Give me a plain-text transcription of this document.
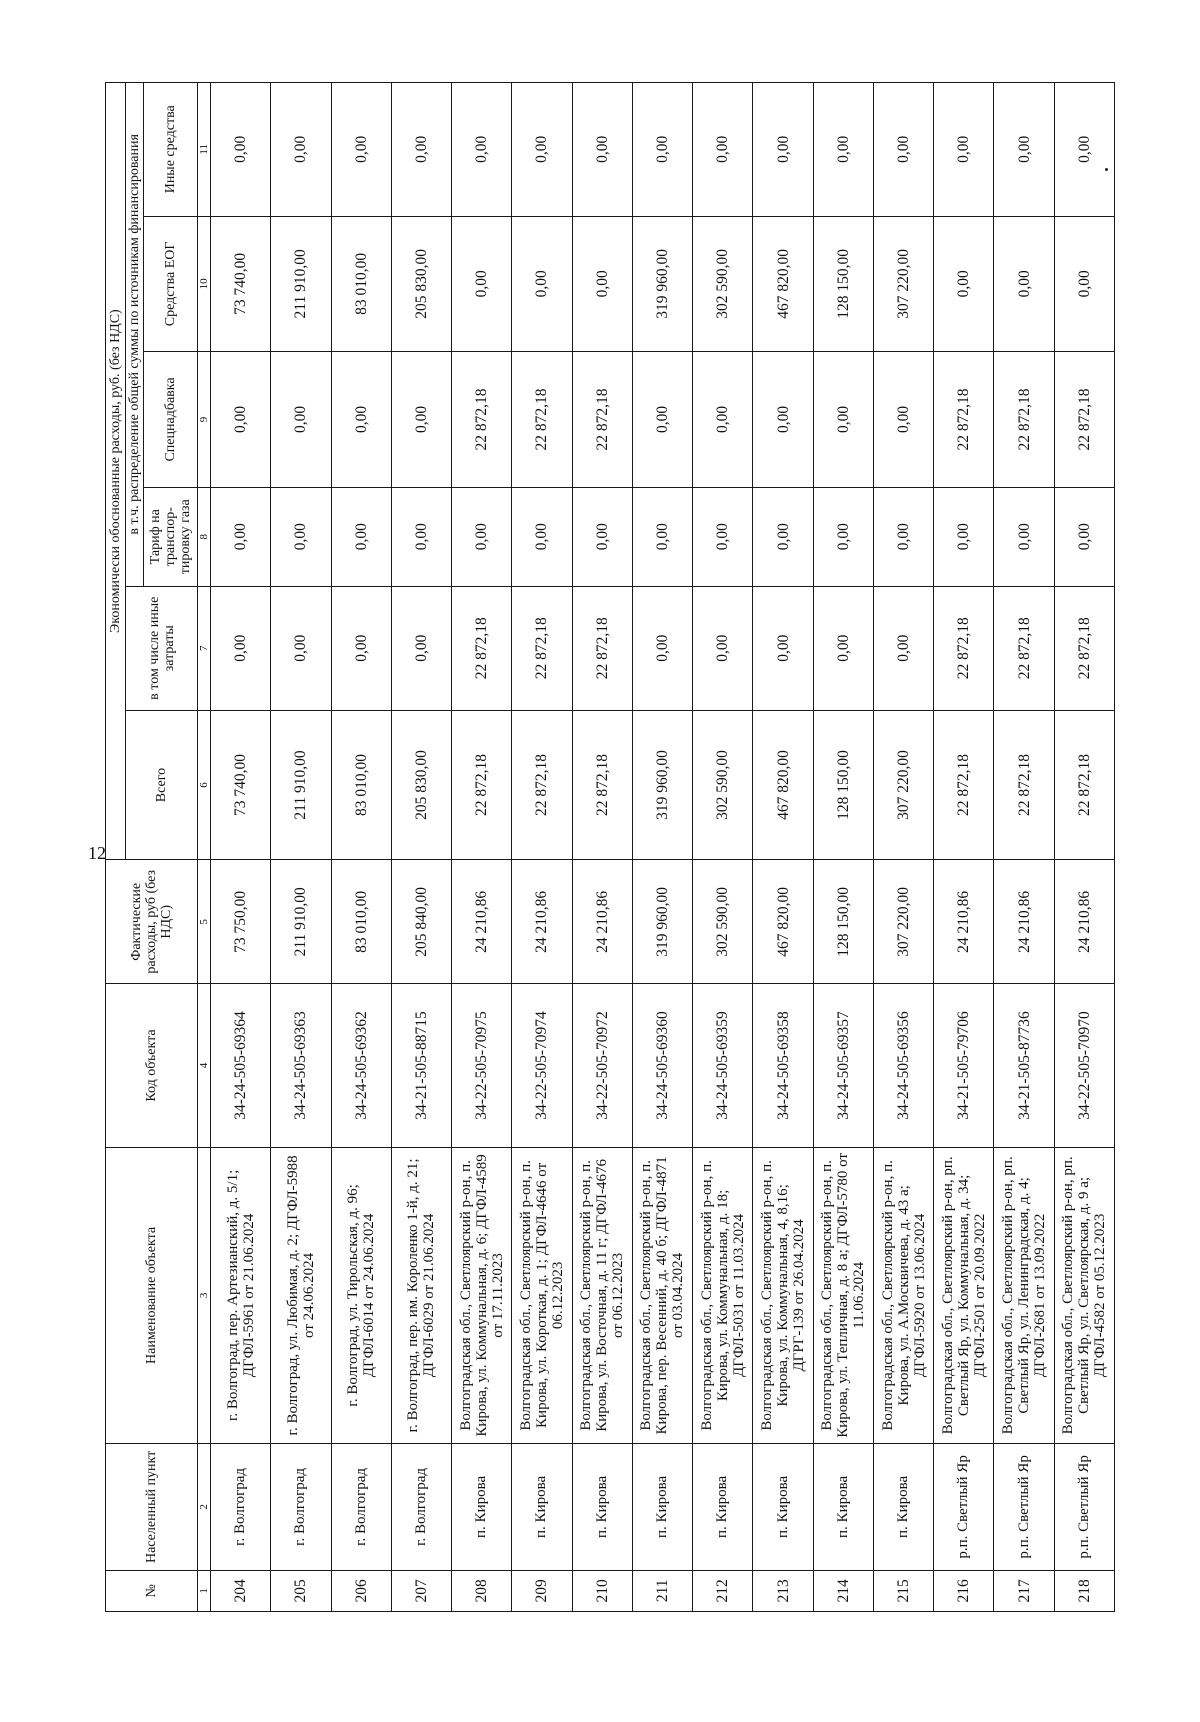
12
№	Населенный пункт	Наименование объекта	Код объекта	Фактические расходы, руб (без НДС)	Экономически обоснованные расходы, руб. (без НДС)					
					Всего	в том числе иные затраты	в т.ч. распределение общей суммы по источникам финансирования			
							Тариф на транспор-тировку газа	Спецнадбавка	Средства ЕОГ	Иные средства
1	2	3	4	5	6	7	8	9	10	11
204	г. Волгоград	г. Волгоград, пер. Артезианский, д. 5/1; ДГФЛ-5961 от 21.06.2024	34-24-505-69364	73 750,00	73 740,00	0,00	0,00	0,00	73 740,00	0,00
205	г. Волгоград	г. Волгоград, ул. Любимая, д. 2; ДГФЛ-5988 от 24.06.2024	34-24-505-69363	211 910,00	211 910,00	0,00	0,00	0,00	211 910,00	0,00
206	г. Волгоград	г. Волгоград, ул. Тирольская, д. 96; ДГФЛ-6014 от 24.06.2024	34-24-505-69362	83 010,00	83 010,00	0,00	0,00	0,00	83 010,00	0,00
207	г. Волгоград	г. Волгоград, пер. им. Короленко 1-й, д. 21; ДГФЛ-6029 от 21.06.2024	34-21-505-88715	205 840,00	205 830,00	0,00	0,00	0,00	205 830,00	0,00
208	п. Кирова	Волгоградская обл., Светлоярский р-он, п. Кирова, ул. Коммунальная, д. 6; ДГФЛ-4589 от 17.11.2023	34-22-505-70975	24 210,86	22 872,18	22 872,18	0,00	22 872,18	0,00	0,00
209	п. Кирова	Волгоградская обл., Светлоярский р-он, п. Кирова, ул. Короткая, д. 1; ДГФЛ-4646 от 06.12.2023	34-22-505-70974	24 210,86	22 872,18	22 872,18	0,00	22 872,18	0,00	0,00
210	п. Кирова	Волгоградская обл., Светлоярский р-он, п. Кирова, ул. Восточная, д. 11 г; ДГФЛ-4676 от 06.12.2023	34-22-505-70972	24 210,86	22 872,18	22 872,18	0,00	22 872,18	0,00	0,00
211	п. Кирова	Волгоградская обл., Светлоярский р-он, п. Кирова, пер. Весенний, д. 40 б; ДГФЛ-4871 от 03.04.2024	34-24-505-69360	319 960,00	319 960,00	0,00	0,00	0,00	319 960,00	0,00
212	п. Кирова	Волгоградская обл., Светлоярский р-он, п. Кирова, ул. Коммунальная, д. 18; ДГФЛ-5031 от 11.03.2024	34-24-505-69359	302 590,00	302 590,00	0,00	0,00	0,00	302 590,00	0,00
213	п. Кирова	Волгоградская обл., Светлоярский р-он, п. Кирова, ул. Коммунальная, 4, 8,16; ДГРГ-139 от 26.04.2024	34-24-505-69358	467 820,00	467 820,00	0,00	0,00	0,00	467 820,00	0,00
214	п. Кирова	Волгоградская обл., Светлоярский р-он, п. Кирова, ул. Тепличная, д. 8 а; ДГФЛ-5780 от 11.06.2024	34-24-505-69357	128 150,00	128 150,00	0,00	0,00	0,00	128 150,00	0,00
215	п. Кирова	Волгоградская обл., Светлоярский р-он, п. Кирова, ул. А.Москвичева, д. 43 а; ДГФЛ-5920 от 13.06.2024	34-24-505-69356	307 220,00	307 220,00	0,00	0,00	0,00	307 220,00	0,00
216	р.п. Светлый Яр	Волгоградская обл., Светлоярский р-он, рп. Светлый Яр, ул. Коммунальная, д. 34; ДГФЛ-2501 от 20.09.2022	34-21-505-79706	24 210,86	22 872,18	22 872,18	0,00	22 872,18	0,00	0,00
217	р.п. Светлый Яр	Волгоградская обл., Светлоярский р-он, рп. Светлый Яр, ул. Ленинградская, д. 4; ДГФЛ-2681 от 13.09.2022	34-21-505-87736	24 210,86	22 872,18	22 872,18	0,00	22 872,18	0,00	0,00
218	р.п. Светлый Яр	Волгоградская обл., Светлоярский р-он, рп. Светлый Яр, ул. Светлоярская, д. 9 а; ДГФЛ-4582 от 05.12.2023	34-22-505-70970	24 210,86	22 872,18	22 872,18	0,00	22 872,18	0,00	0,00
